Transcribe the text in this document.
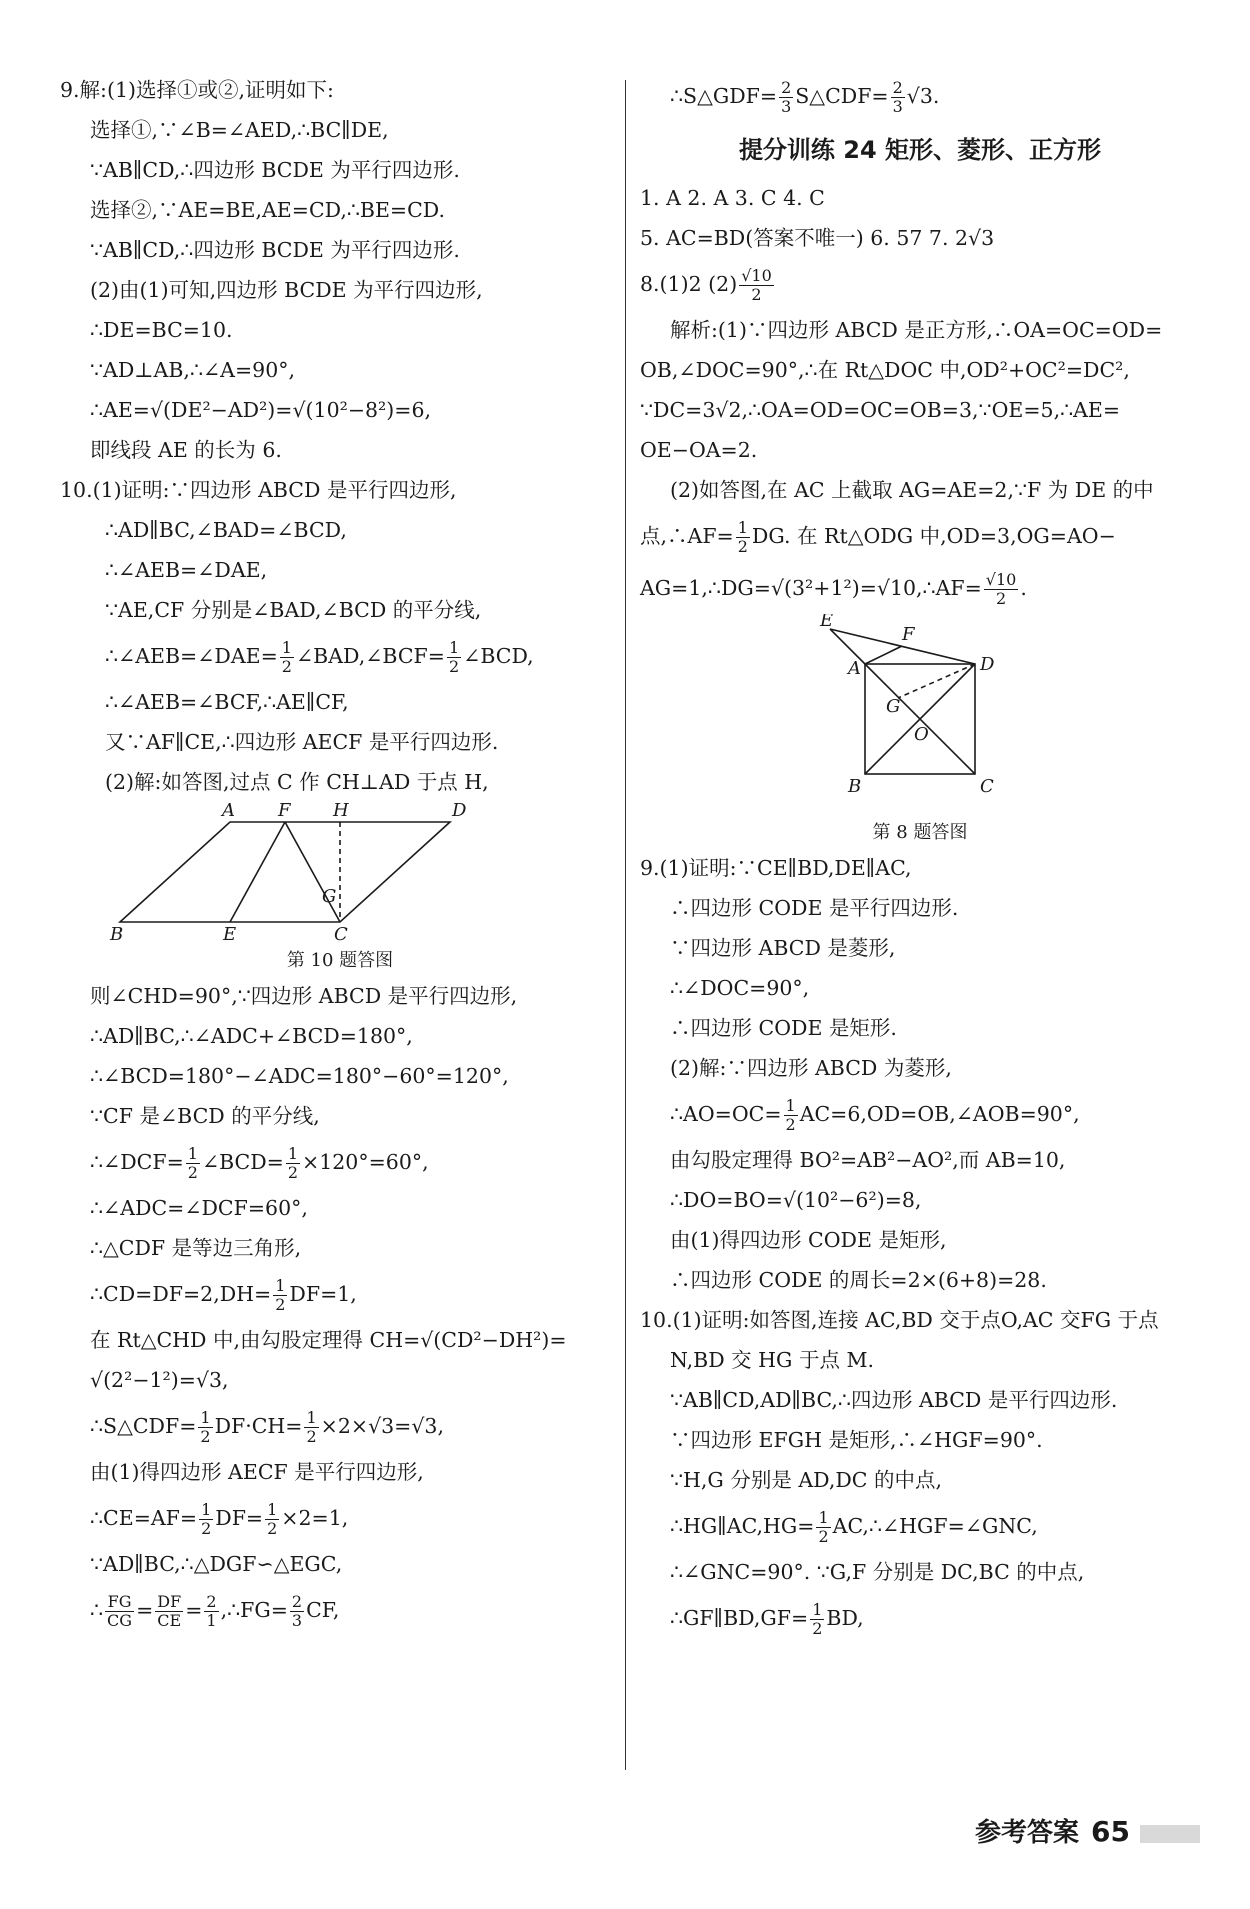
9.解:(1)选择①或②,证明如下:
选择①,∵∠B=∠AED,∴BC∥DE,
∵AB∥CD,∴四边形 BCDE 为平行四边形.
选择②,∵AE=BE,AE=CD,∴BE=CD.
∵AB∥CD,∴四边形 BCDE 为平行四边形.
(2)由(1)可知,四边形 BCDE 为平行四边形,
∴DE=BC=10.
∵AD⊥AB,∴∠A=90°,
∴AE=√(DE²−AD²)=√(10²−8²)=6,
即线段 AE 的长为 6.
10.(1)证明:∵四边形 ABCD 是平行四边形,
∴AD∥BC,∠BAD=∠BCD,
∴∠AEB=∠DAE,
∵AE,CF 分别是∠BAD,∠BCD 的平分线,
∴∠AEB=∠DAE= $\frac{1}{2}$ ∠BAD,∠BCF= $\frac{1}{2}$ ∠BCD,
∴∠AEB=∠BCF,∴AE∥CF,
又∵AF∥CE,∴四边形 AECF 是平行四边形.
(2)解:如答图,过点 C 作 CH⊥AD 于点 H,
A F H	D
B	E	C
G
第 10 题答图
则∠CHD=90°,∵四边形 ABCD 是平行四边形,
∴AD∥BC,∴∠ADC+∠BCD=180°,
∴∠BCD=180°−∠ADC=180°−60°=120°,
∵CF 是∠BCD 的平分线,
∴∠DCF= $\frac{1}{2}$ ∠BCD= $\frac{1}{2} \times 120^\circ=60^\circ$,
∴∠ADC=∠DCF=60°,
∴△CDF 是等边三角形,
∴CD=DF=2,DH= $\frac{1}{2} DF=1$,
在 Rt△CHD 中,由勾股定理得 CH=√(CD²−DH²)=
√(2²−1²)=√3,
∴S△CDF= $\frac{1}{2} DF\cdot CH= \frac{1}{2} \times 2\times√3=√3$,
由(1)得四边形 AECF 是平行四边形,
∴CE=AF= $\frac{1}{2} DF= \frac{1}{2} \times 2=1$,
∵AD∥BC,∴△DGF∽△EGC,
∴ $\frac{FG}{CG} = \frac{DF}{CE} = \frac{2}{1}$ ,∴FG= $\frac{2}{3}$ CF,
∴S△GDF= $\frac{2}{3}$ S△CDF= $\frac{2}{3} √3$.
提分训练 24 矩形、菱形、正方形
1. A 2. A 3. C 4. C
5. AC=BD(答案不唯一) 6. 57 7. 2√3
8.(1)2 $(2) \frac{√10}{2}$
解析:(1)∵四边形 ABCD 是正方形,∴OA=OC=OD=
OB,∠DOC=90°,∴在 Rt△DOC 中,OD²+OC²=DC²,
∵DC=3√2,∴OA=OD=OC=OB=3,∵OE=5,∴AE=
OE−OA=2.
(2)如答图,在 AC 上截取 AG=AE=2,∵F 为 DE 的中
点,∴AF= $\frac{1}{2}$ DG. 在 Rt△ODG 中,OD=3,OG=AO−
AG=1,∴DG=√(3²+1²)=√10,∴AF= $\frac{√10}{2}$ .
E
F
A	D
G
O
B	C
第 8 题答图
9.(1)证明:∵CE∥BD,DE∥AC,
∴四边形 CODE 是平行四边形.
∵四边形 ABCD 是菱形,
∴∠DOC=90°,
∴四边形 CODE 是矩形.
(2)解:∵四边形 ABCD 为菱形,
∴AO=OC= $\frac{1}{2}$ AC=6,OD=OB,∠AOB=90°,
由勾股定理得 BO²=AB²−AO²,而 AB=10,
∴DO=BO=√(10²−6²)=8,
由(1)得四边形 CODE 是矩形,
∴四边形 CODE 的周长=2×(6+8)=28.
10.(1)证明:如答图,连接 AC,BD 交于点O,AC 交FG 于点
N,BD 交 HG 于点 M.
∵AB∥CD,AD∥BC,∴四边形 ABCD 是平行四边形.
∵四边形 EFGH 是矩形,∴∠HGF=90°.
∵H,G 分别是 AD,DC 的中点,
∴HG∥AC,HG= $\frac{1}{2}$ AC,∴∠HGF=∠GNC,
∴∠GNC=90°. ∵G,F 分别是 DC,BC 的中点,
∴GF∥BD,GF= $\frac{1}{2}$ BD,
参考答案 65
